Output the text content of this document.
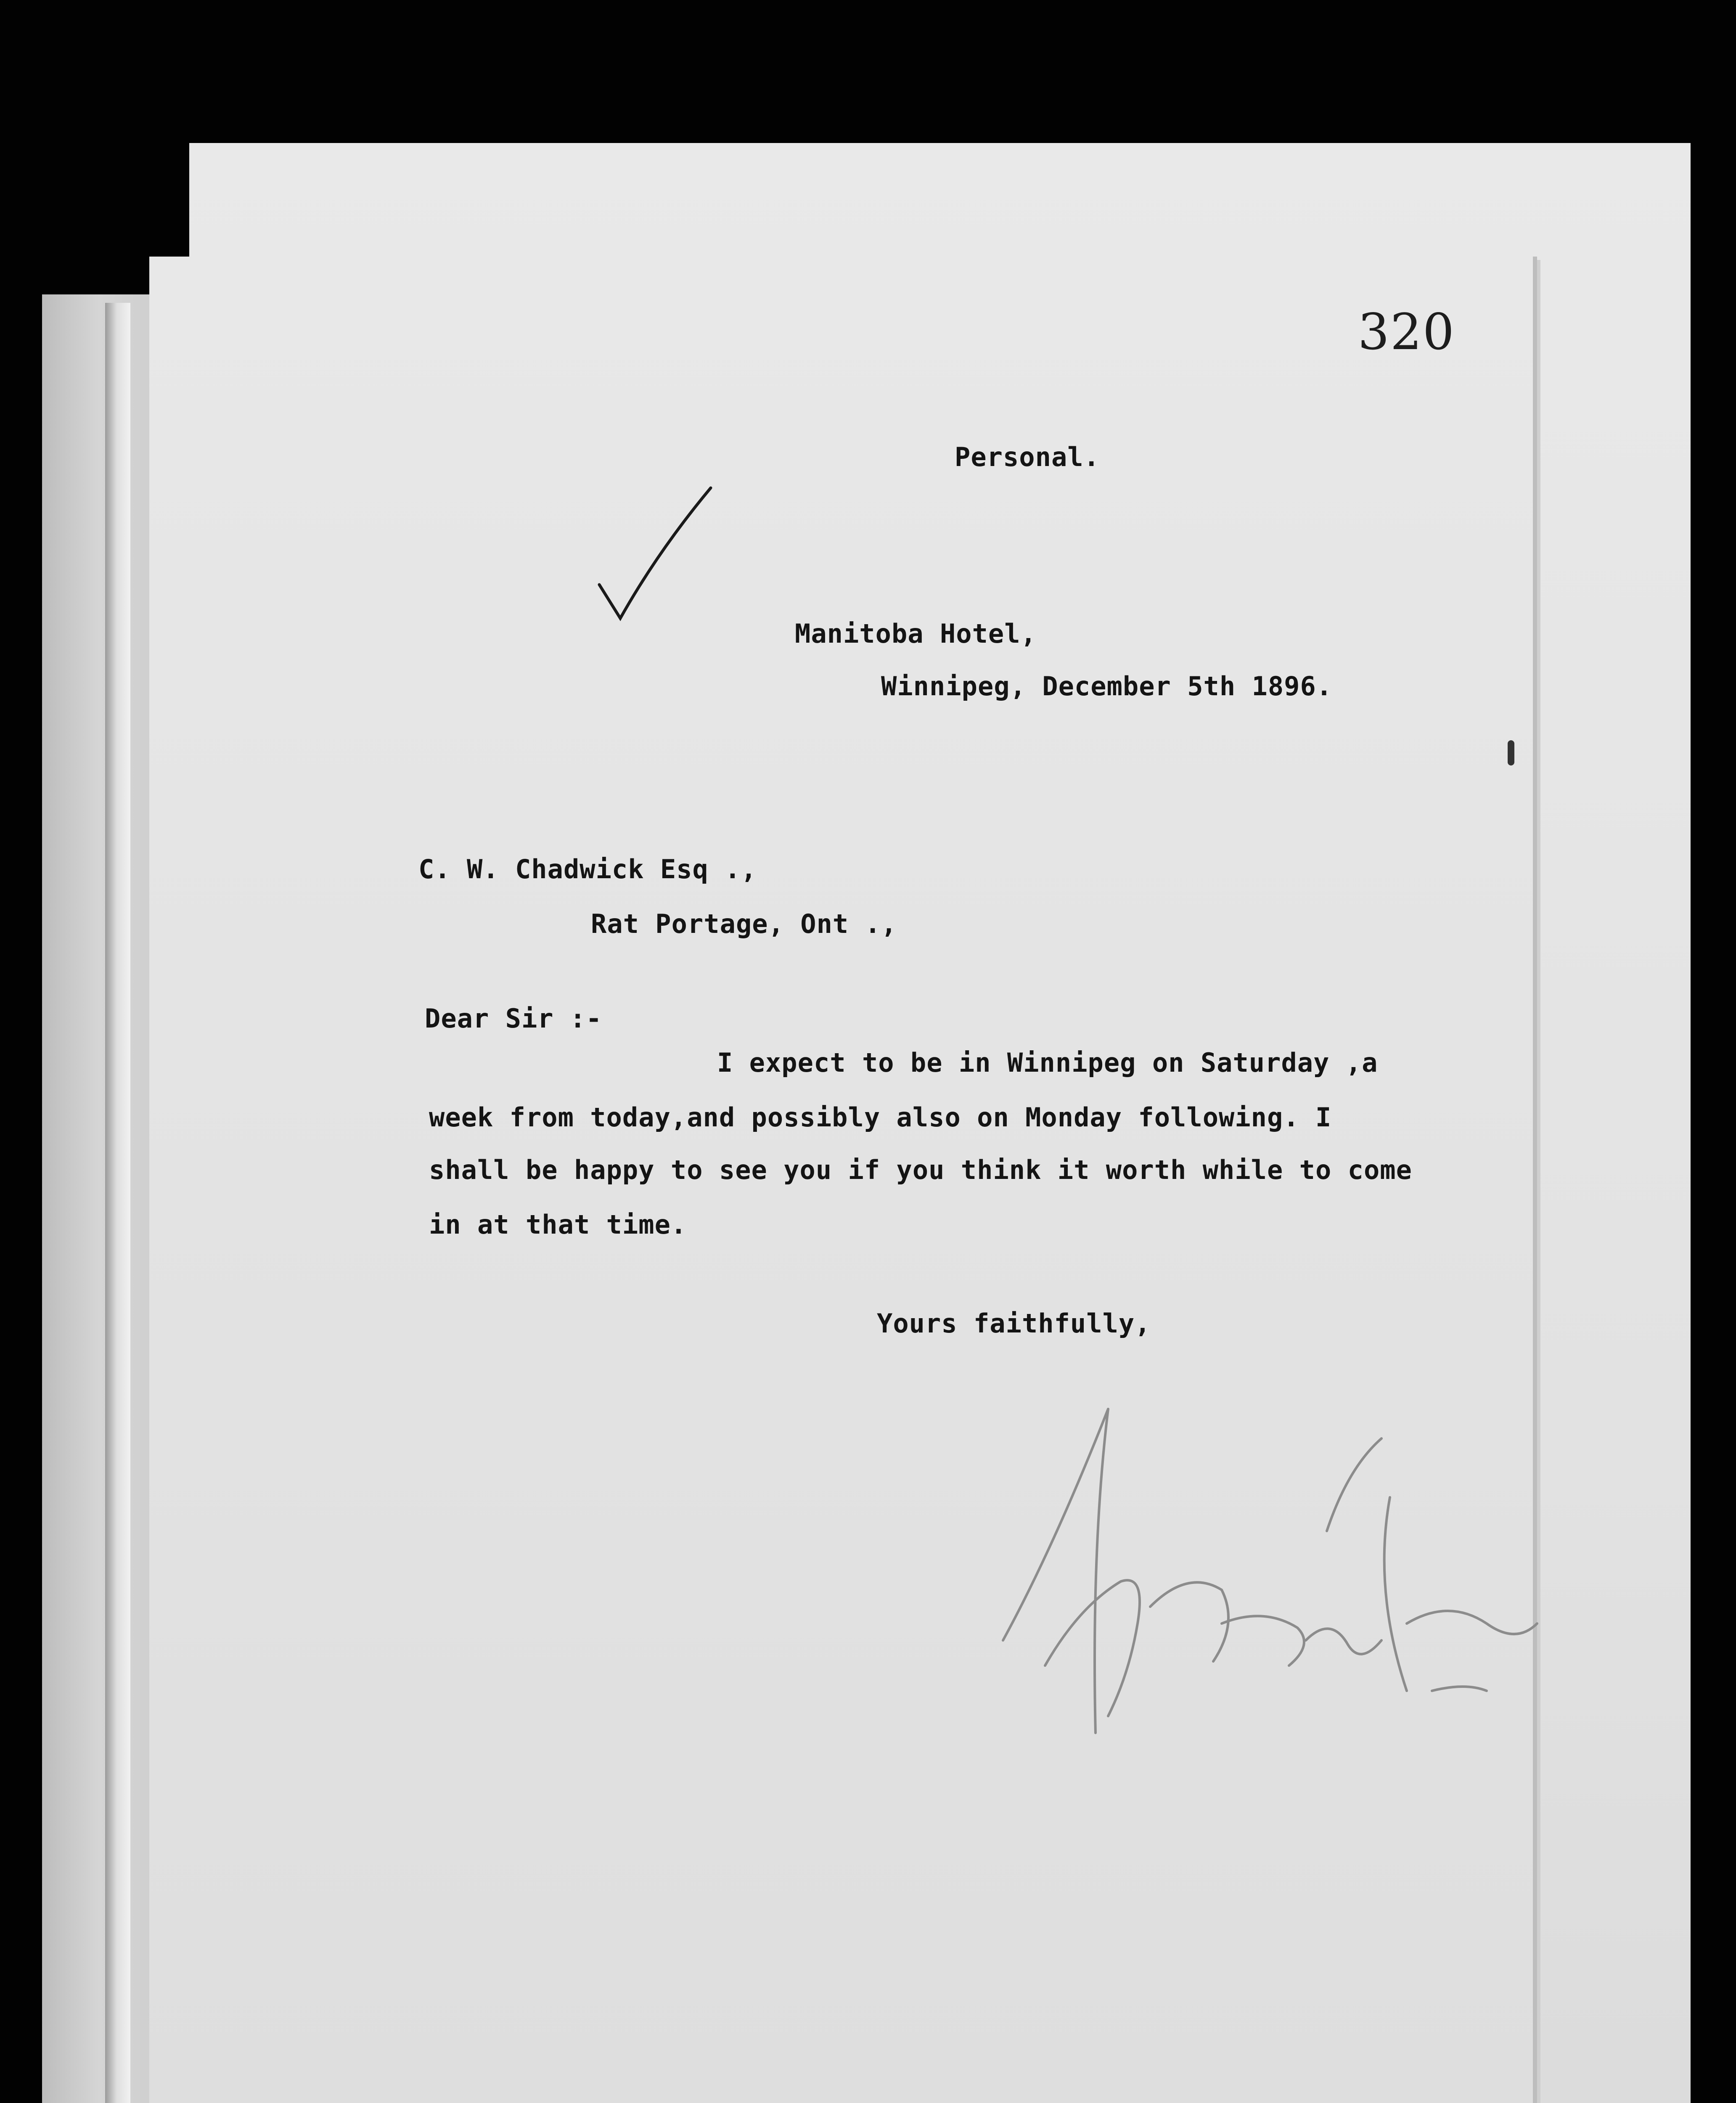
320
Personal.
Manitoba Hotel,
Winnipeg, December 5th 1896.
C. W. Chadwick Esq .,
Rat Portage, Ont .,
Dear Sir :-
I expect to be in Winnipeg on Saturday ,a
week from today,and possibly also on Monday following. I
shall be happy to see you if you think it worth while to come
in at that time.
Yours faithfully,
